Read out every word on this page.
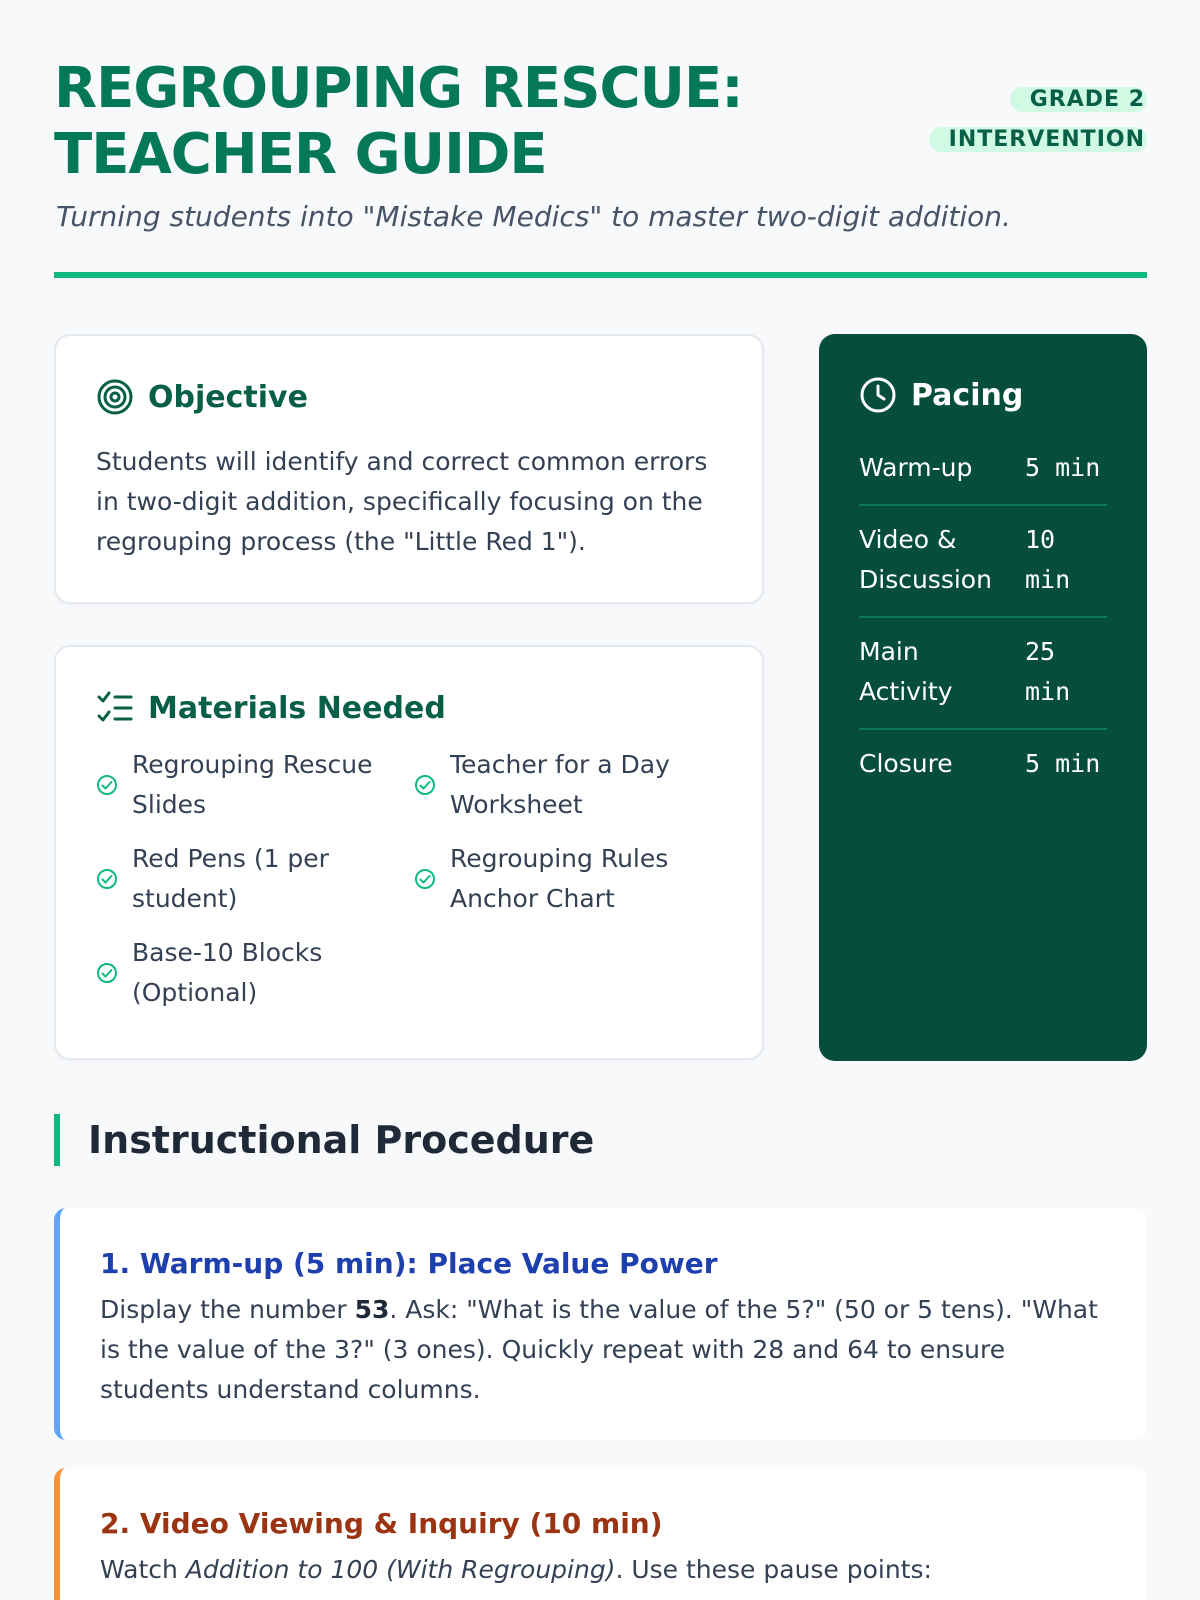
REGROUPING RESCUE:
TEACHER GUIDE
GRADE 2
INTERVENTION

Turning students into "Mistake Medics" to master two-digit addition.

Objective

Students will identify and correct common errors in two-digit addition, specifically focusing on the regrouping process (the "Little Red 1").

Materials Needed
Regrouping Rescue Slides
Teacher for a Day Worksheet
Red Pens (1 per student)
Regrouping Rules Anchor Chart
Base-10 Blocks (Optional)
Pacing
Warm-up	5 min
Video & Discussion
10 min
Main Activity
25 min
Closure	5 min
Instructional Procedure
1. Warm-up (5 min): Place Value Power

Display the number 53. Ask: "What is the value of the 5?" (50 or 5 tens). "What is the value of the 3?" (3 ones). Quickly repeat with 28 and 64 to ensure students understand columns.

2. Video Viewing & Inquiry (10 min)

Watch Addition to 100 (With Regrouping). Use these pause points:
